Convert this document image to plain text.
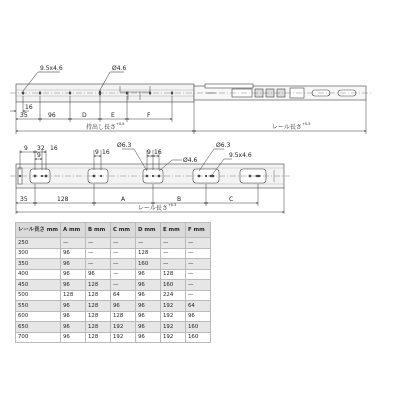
9.5x4.6	Ø4.6
16
35	96	D	E	F
持出し長さ +0.5	レール長さ +0.5
9 32 16
9	9 16	9 16
Ø6.3
Ø4.6
Ø6.3
9.5x4.6
35	128	A	B	C
レール長さ +0.5
レール長さ mm	A mm	B mm	C mm	D mm	E mm	F mm
250	—	—	—	—	—	—
300	96	—	—	128	—	—
350	96	—	—	160	—	—
400	96	96	—	96	128	—
450	96	128	—	96	160	—
500	128	128	64	96	224	—
550	96	128	96	96	192	64
600	96	128	128	96	192	96
650	96	128	192	96	192	160
700	96	128	192	96	192	160
